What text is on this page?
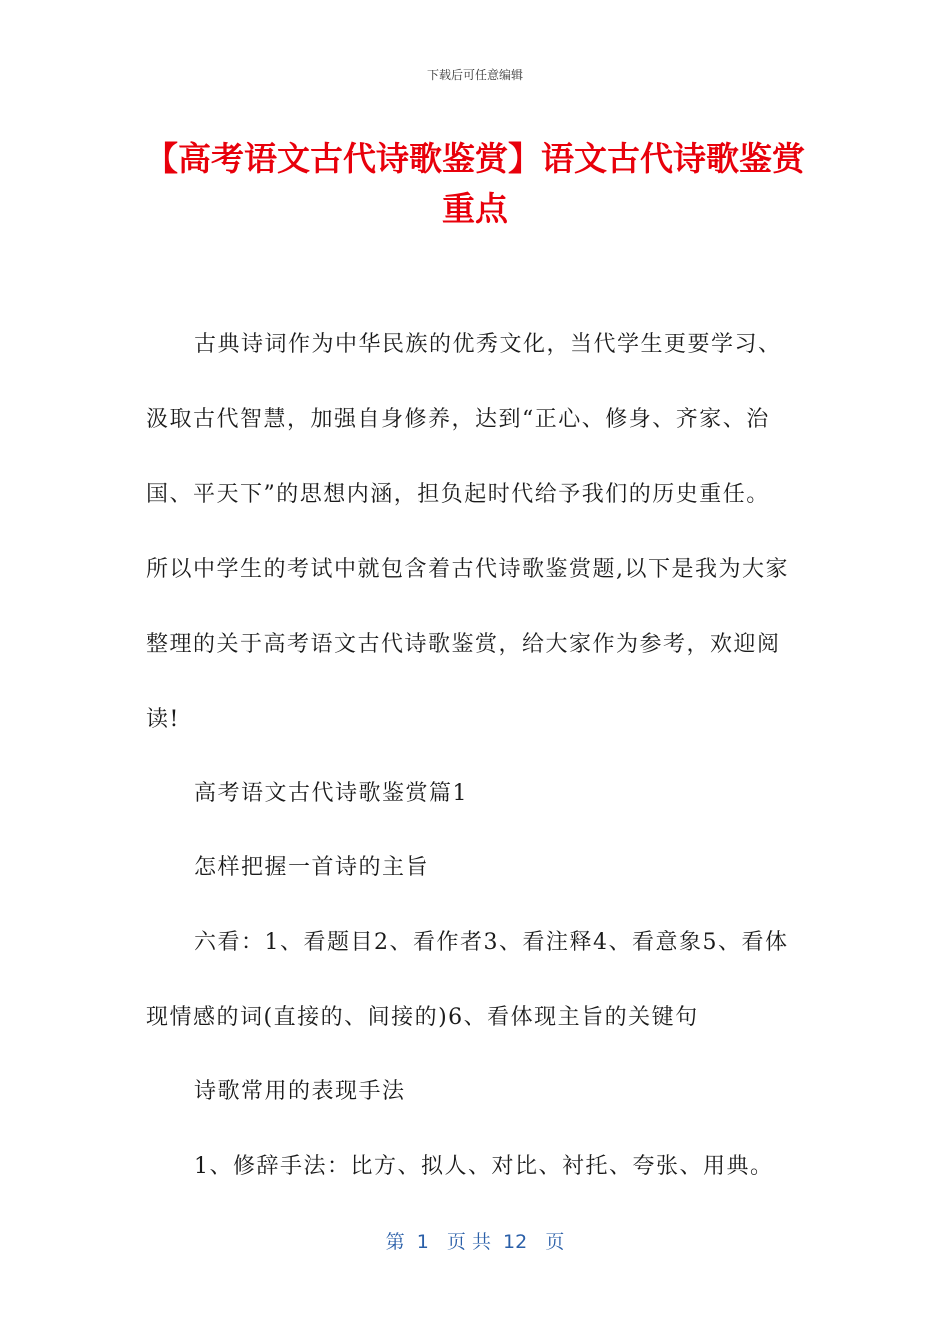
下载后可任意编辑
【高考语文古代诗歌鉴赏】语文古代诗歌鉴赏重点
古典诗词作为中华民族的优秀文化，当代学生更要学习、
汲取古代智慧，加强自身修养，达到“正心、修身、齐家、治
国、平天下”的思想内涵，担负起时代给予我们的历史重任。
所以中学生的考试中就包含着古代诗歌鉴赏题,以下是我为大家
整理的关于高考语文古代诗歌鉴赏，给大家作为参考，欢迎阅
读!
高考语文古代诗歌鉴赏篇1
怎样把握一首诗的主旨
六看：1、看题目2、看作者3、看注释4、看意象5、看体
现情感的词(直接的、间接的)6、看体现主旨的关键句
诗歌常用的表现手法
1、修辞手法：比方、拟人、对比、衬托、夸张、用典。
第  1   页 共  12   页
